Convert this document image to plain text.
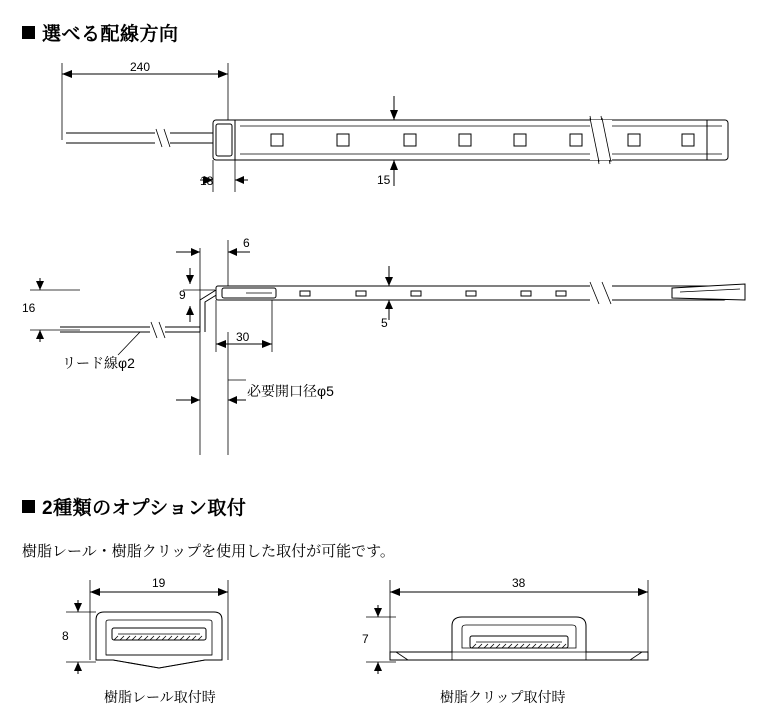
選べる配線方向
240
18	15
6
9
16
30
5
リード線φ2
必要開口径φ5
2種類のオプション取付
樹脂レール・樹脂クリップを使用した取付が可能です。
19
8
樹脂レール取付時
38
7
樹脂クリップ取付時
